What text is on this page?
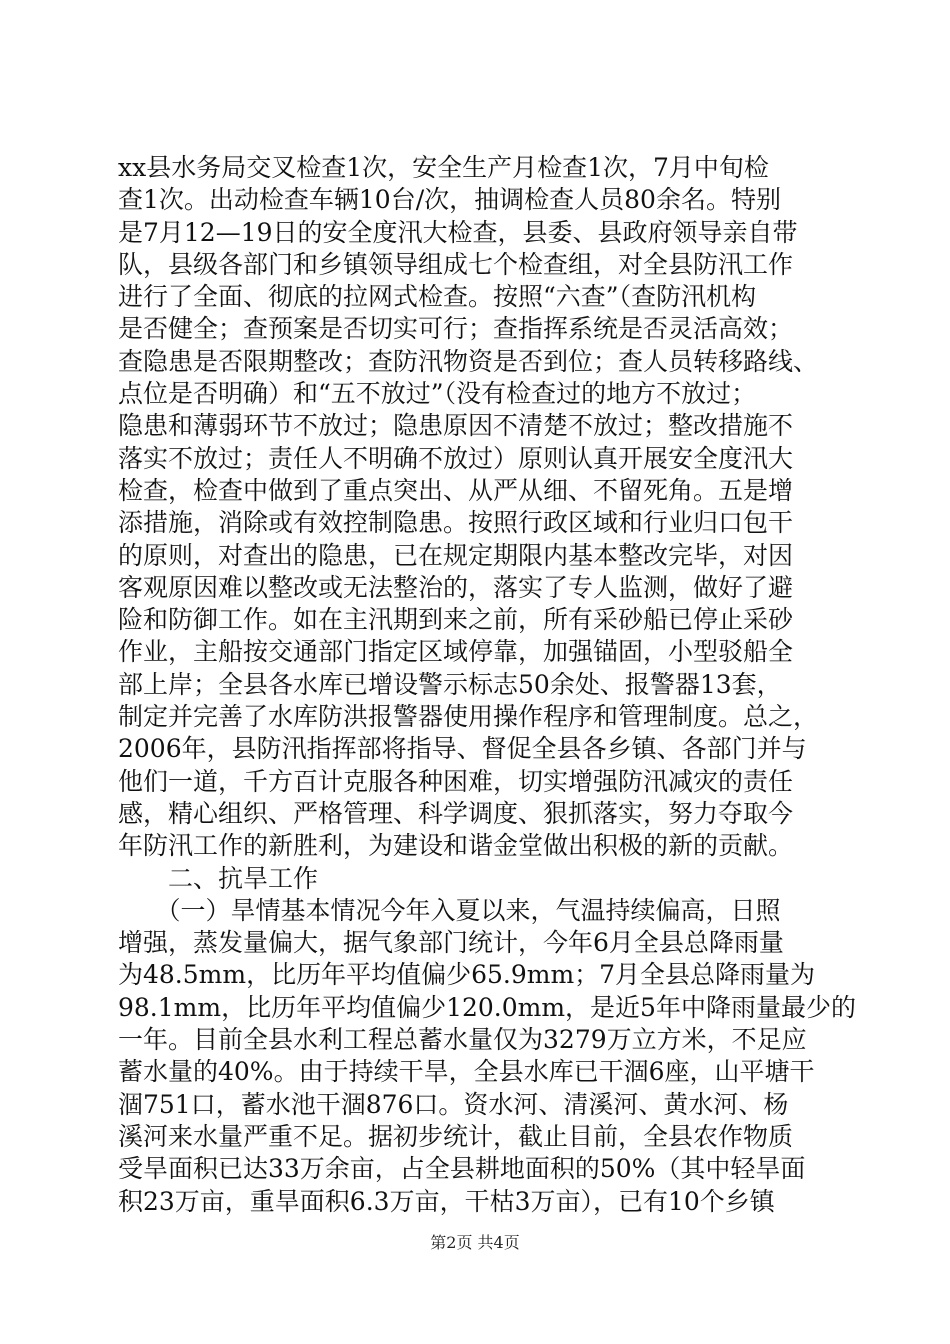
xx县水务局交叉检查1次，安全生产月检查1次，7月中旬检
查1次。出动检查车辆10台/次，抽调检查人员80余名。特别
是7月12—19日的安全度汛大检查，县委、县政府领导亲自带
队，县级各部门和乡镇领导组成七个检查组，对全县防汛工作
进行了全面、彻底的拉网式检查。按照“六查”（查防汛机构
是否健全；查预案是否切实可行；查指挥系统是否灵活高效；
查隐患是否限期整改；查防汛物资是否到位；查人员转移路线、
点位是否明确）和“五不放过”（没有检查过的地方不放过；
隐患和薄弱环节不放过；隐患原因不清楚不放过；整改措施不
落实不放过；责任人不明确不放过）原则认真开展安全度汛大
检查，检查中做到了重点突出、从严从细、不留死角。五是增
添措施，消除或有效控制隐患。按照行政区域和行业归口包干
的原则，对查出的隐患，已在规定期限内基本整改完毕，对因
客观原因难以整改或无法整治的，落实了专人监测，做好了避
险和防御工作。如在主汛期到来之前，所有采砂船已停止采砂
作业，主船按交通部门指定区域停靠，加强锚固，小型驳船全
部上岸；全县各水库已增设警示标志50余处、报警器13套，
制定并完善了水库防洪报警器使用操作程序和管理制度。总之，
2006年，县防汛指挥部将指导、督促全县各乡镇、各部门并与
他们一道，千方百计克服各种困难，切实增强防汛减灾的责任
感，精心组织、严格管理、科学调度、狠抓落实，努力夺取今
年防汛工作的新胜利，为建设和谐金堂做出积极的新的贡献。
　　二、抗旱工作
　　（一）旱情基本情况今年入夏以来，气温持续偏高，日照
增强，蒸发量偏大，据气象部门统计，今年6月全县总降雨量
为48.5mm，比历年平均值偏少65.9mm；7月全县总降雨量为
98.1mm，比历年平均值偏少120.0mm，是近5年中降雨量最少的
一年。目前全县水利工程总蓄水量仅为3279万立方米，不足应
蓄水量的40%。由于持续干旱，全县水库已干涸6座，山平塘干
涸751口，蓄水池干涸876口。资水河、清溪河、黄水河、杨
溪河来水量严重不足。据初步统计，截止目前，全县农作物质
受旱面积已达33万余亩，占全县耕地面积的50%（其中轻旱面
积23万亩，重旱面积6.3万亩，干枯3万亩），已有10个乡镇
第2页 共4页
